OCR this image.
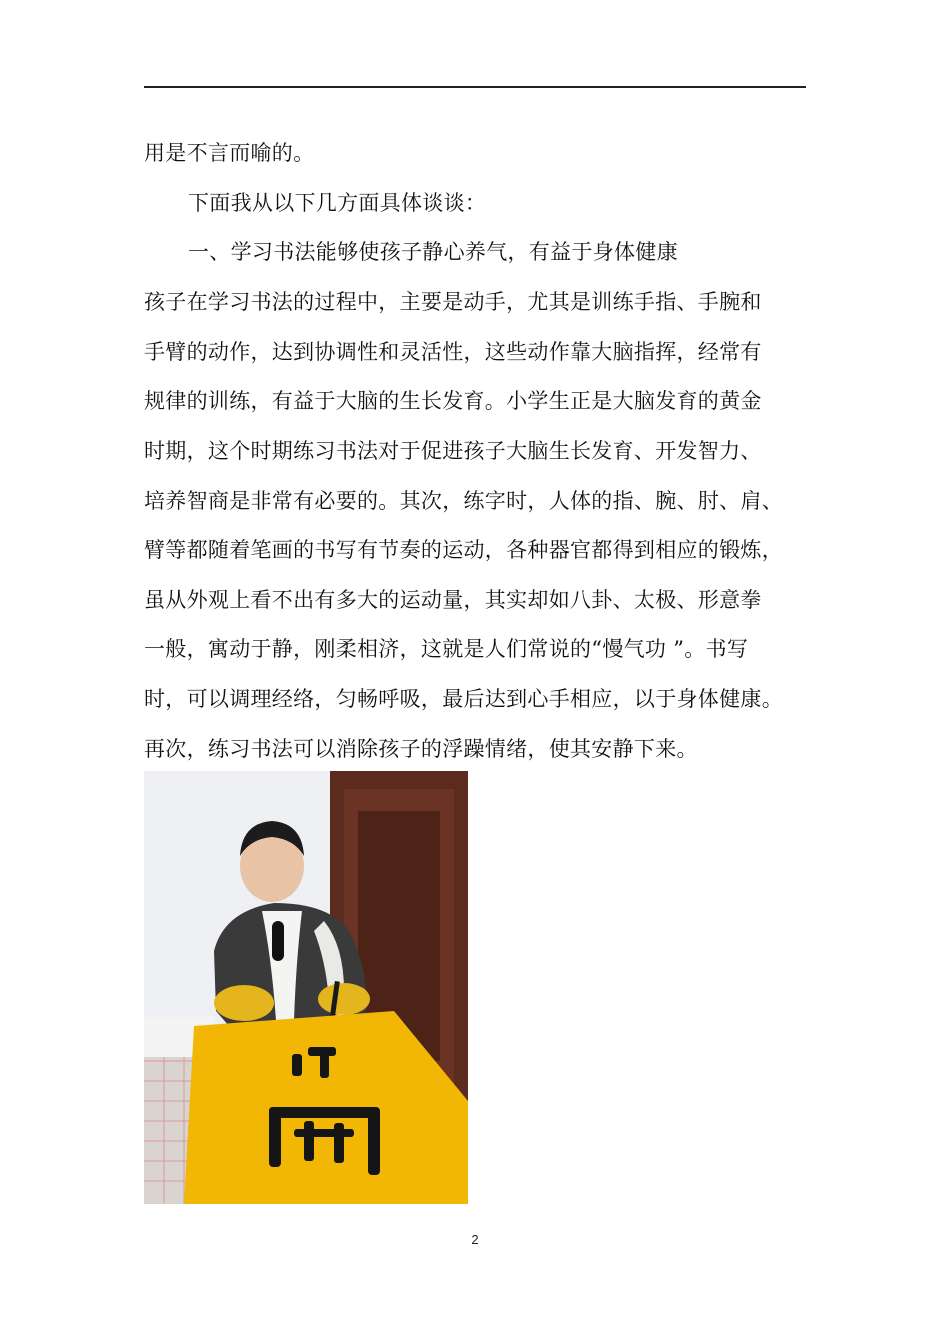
用是不言而喻的。
下面我从以下几方面具体谈谈：
一、学习书法能够使孩子静心养气，有益于身体健康
孩子在学习书法的过程中，主要是动手，尤其是训练手指、手腕和
手臂的动作，达到协调性和灵活性，这些动作靠大脑指挥，经常有
规律的训练，有益于大脑的生长发育。小学生正是大脑发育的黄金
时期，这个时期练习书法对于促进孩子大脑生长发育、开发智力、
培养智商是非常有必要的。其次，练字时，人体的指、腕、肘、肩、
臂等都随着笔画的书写有节奏的运动，各种器官都得到相应的锻炼，
虽从外观上看不出有多大的运动量，其实却如八卦、太极、形意拳
一般，寓动于静，刚柔相济，这就是人们常说的“慢气功 ”。书写
时，可以调理经络，匀畅呼吸，最后达到心手相应，以于身体健康。
再次，练习书法可以消除孩子的浮躁情绪，使其安静下来。
2
